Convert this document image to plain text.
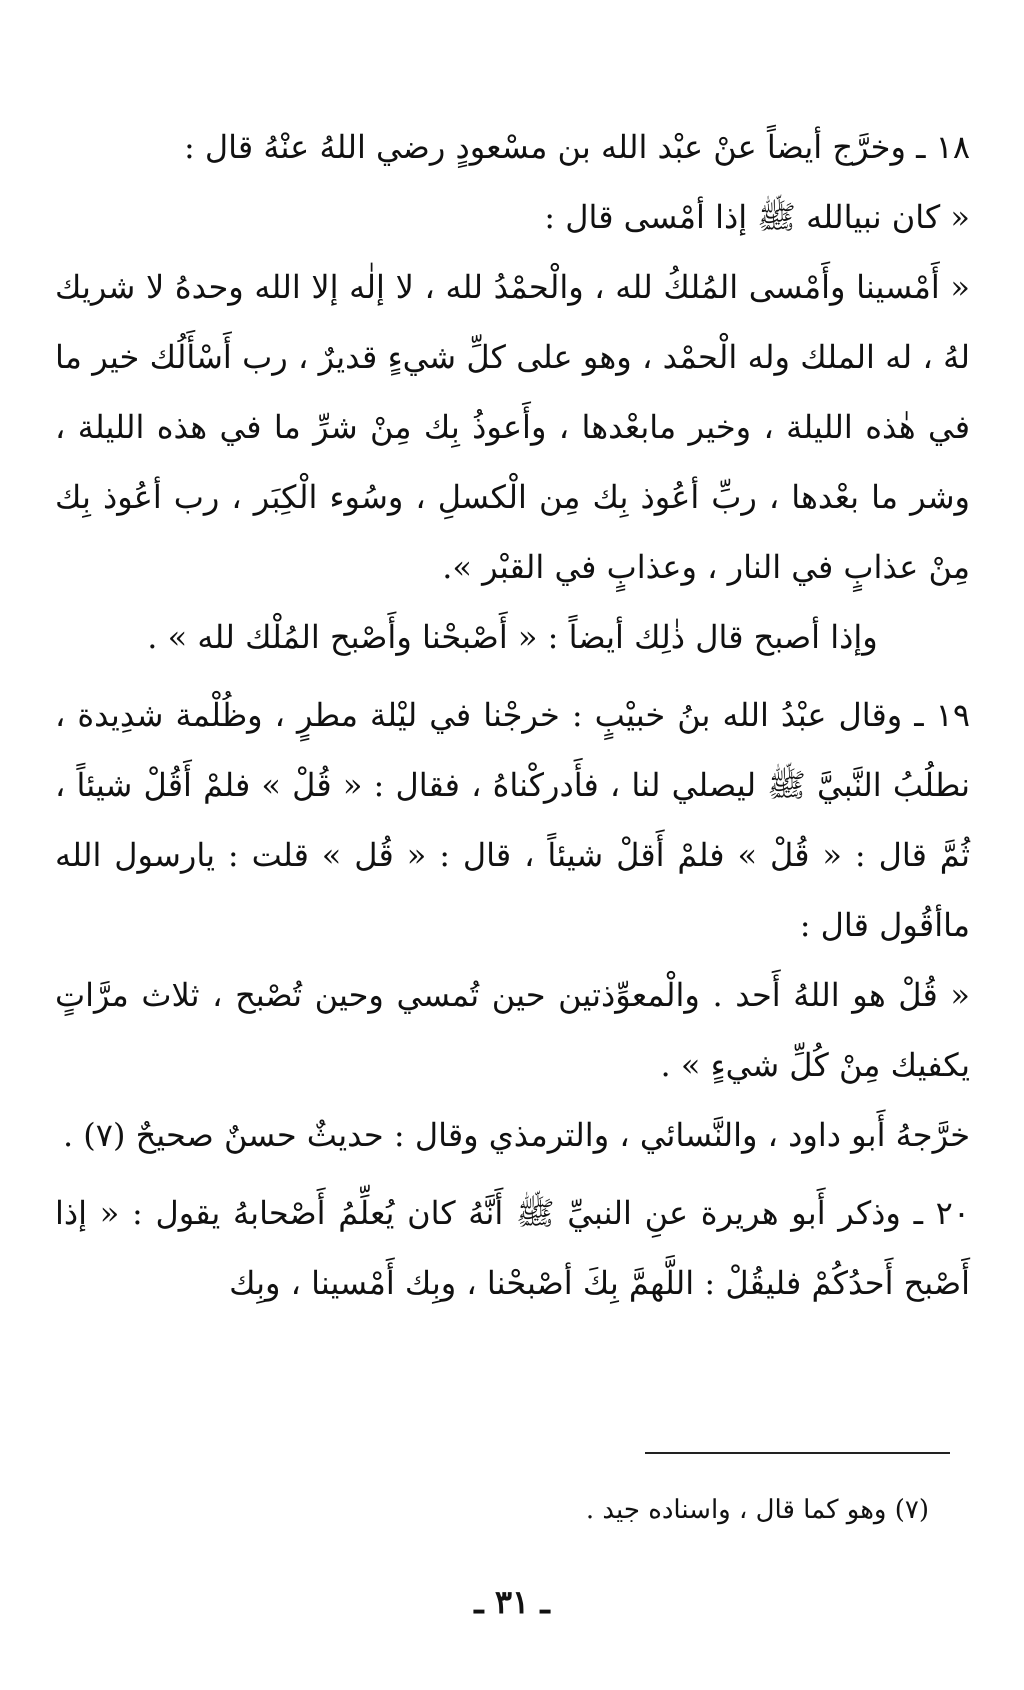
١٨ ـ وخرَّج أيضاً عنْ عبْد الله بن مسْعودٍ رضي اللهُ عنْهُ قال :

« كان نبيالله ﷺ إذا أمْسى قال :

« أَمْسينا وأَمْسى المُلكُ لله ، والْحمْدُ لله ، لا إلٰه إلا الله وحدهُ لا شريك لهُ ، له الملك وله الْحمْد ، وهو على كلِّ شيءٍ قديرٌ ، رب أَسْأَلُك خير ما في هٰذه الليلة ، وخير مابعْدها ، وأَعوذُ بِك مِنْ شرِّ ما في هذه الليلة ، وشر ما بعْدها ، ربِّ أعُوذ بِك مِن الْكسلِ ، وسُوء الْكِبَر ، رب أعُوذ بِك مِنْ عذابٍ في النار ، وعذابٍ في القبْر ».

وإذا أصبح قال ذٰلِك أيضاً : « أَصْبحْنا وأَصْبح المُلْك لله » .

١٩ ـ وقال عبْدُ الله بنُ خبيْبٍ : خرجْنا في ليْلة مطرٍ ، وظُلْمة شدِيدة ، نطلُبُ النَّبيَّ ﷺ ليصلي لنا ، فأَدركْناهُ ، فقال : « قُلْ » فلمْ أَقُلْ شيئاً ، ثُمَّ قال : « قُلْ » فلمْ أَقلْ شيئاً ، قال : « قُل » قلت : يارسول الله ماأقُول قال :

« قُلْ هو اللهُ أَحد . والْمعوِّذتين حين تُمسي وحين تُصْبح ، ثلاث مرَّاتٍ يكفيك مِنْ كُلِّ شيءٍ » .

خرَّجهُ أَبو داود ، والنَّسائي ، والترمذي وقال : حديثٌ حسنٌ صحيحٌ (٧) .

٢٠ ـ وذكر أَبو هريرة عنِ النبيِّ ﷺ أَنَّهُ كان يُعلِّمُ أَصْحابهُ يقول : « إذا أَصْبح أَحدُكُمْ فليقُلْ : اللَّهمَّ بِكَ أصْبحْنا ، وبِك أَمْسينا ، وبِك

(٧) وهو كما قال ، واسناده جيد .
ـ ٣١ ـ
